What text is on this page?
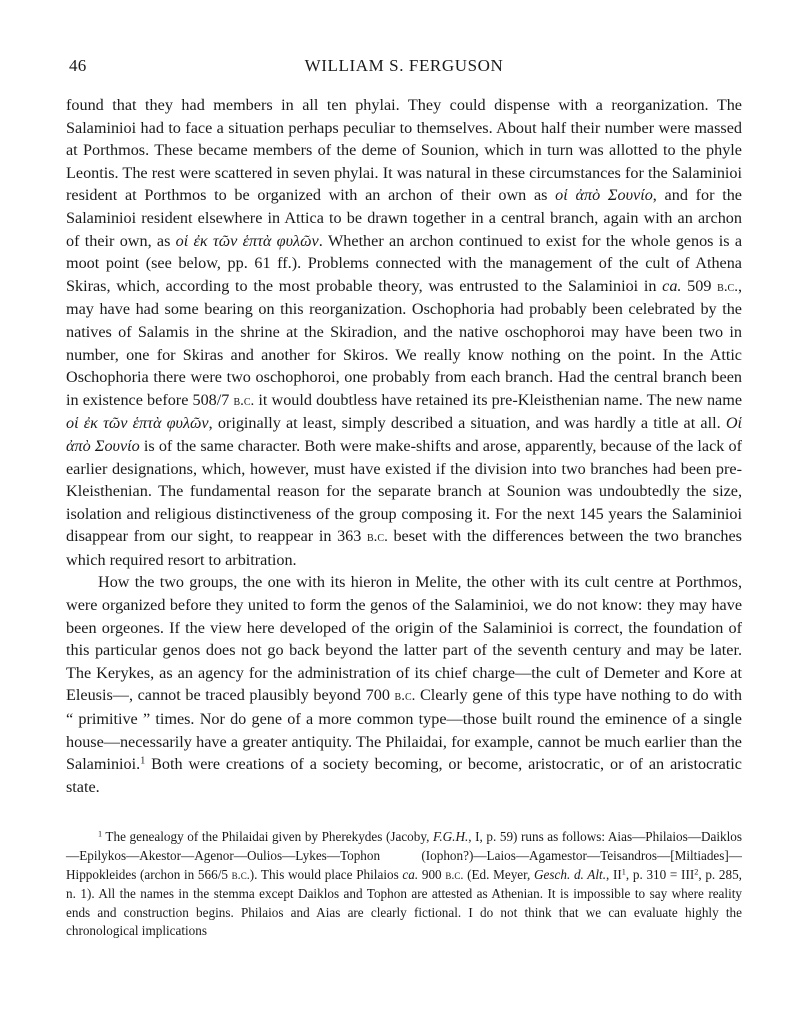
46	WILLIAM S. FERGUSON

found that they had members in all ten phylai. They could dispense with a reorganization. The Salaminioi had to face a situation perhaps peculiar to themselves. About half their number were massed at Porthmos. These became members of the deme of Sounion, which in turn was allotted to the phyle Leontis. The rest were scattered in seven phylai. It was natural in these circumstances for the Salaminioi resident at Porthmos to be organized with an archon of their own as οἱ ἀπὸ Σουνίο, and for the Salaminioi resident elsewhere in Attica to be drawn together in a central branch, again with an archon of their own, as οἱ ἐκ τῶν ἑπτὰ φυλῶν. Whether an archon continued to exist for the whole genos is a moot point (see below, pp. 61 ff.). Problems connected with the management of the cult of Athena Skiras, which, according to the most probable theory, was entrusted to the Salaminioi in ca. 509 b.c., may have had some bearing on this reorganization. Oschophoria had probably been celebrated by the natives of Salamis in the shrine at the Skiradion, and the native oschophoroi may have been two in number, one for Skiras and another for Skiros. We really know nothing on the point. In the Attic Oschophoria there were two oschophoroi, one probably from each branch. Had the central branch been in existence before 508/7 b.c. it would doubtless have retained its pre-Kleisthenian name. The new name οἱ ἐκ τῶν ἑπτὰ φυλῶν, originally at least, simply described a situation, and was hardly a title at all. Οἱ ἀπὸ Σουνίο is of the same character. Both were make-shifts and arose, apparently, because of the lack of earlier designations, which, however, must have existed if the division into two branches had been pre-Kleisthenian. The fundamental reason for the separate branch at Sounion was undoubtedly the size, isolation and religious distinctiveness of the group composing it. For the next 145 years the Salaminioi disappear from our sight, to reappear in 363 b.c. beset with the differences between the two branches which required resort to arbitration.

How the two groups, the one with its hieron in Melite, the other with its cult centre at Porthmos, were organized before they united to form the genos of the Salaminioi, we do not know: they may have been orgeones. If the view here developed of the origin of the Salaminioi is correct, the foundation of this particular genos does not go back beyond the latter part of the seventh century and may be later. The Kerykes, as an agency for the administration of its chief charge—the cult of Demeter and Kore at Eleusis—, cannot be traced plausibly beyond 700 b.c. Clearly gene of this type have nothing to do with “ primitive ” times. Nor do gene of a more common type—those built round the eminence of a single house—necessarily have a greater antiquity. The Philaidai, for example, cannot be much earlier than the Salaminioi.$^1$ Both were creations of a society becoming, or become, aristocratic, or of an aristocratic state.

$^1$ The genealogy of the Philaidai given by Pherekydes (Jacoby, F.G.H., I, p. 59) runs as follows: Aias—Philaios—Daiklos—Epilykos—Akestor—Agenor—Oulios—Lykes—Tophon (Iophon?)—Laios—Agamestor—Teisandros—[Miltiades]—Hippokleides (archon in 566/5 b.c.). This would place Philaios ca. 900 b.c. (Ed. Meyer, Gesch. d. Alt., $II^1$, p. $310 = III^2$, p. 285, n. 1). All the names in the stemma except Daiklos and Tophon are attested as Athenian. It is impossible to say where reality ends and construction begins. Philaios and Aias are clearly fictional. I do not think that we can evaluate highly the chronological implications
